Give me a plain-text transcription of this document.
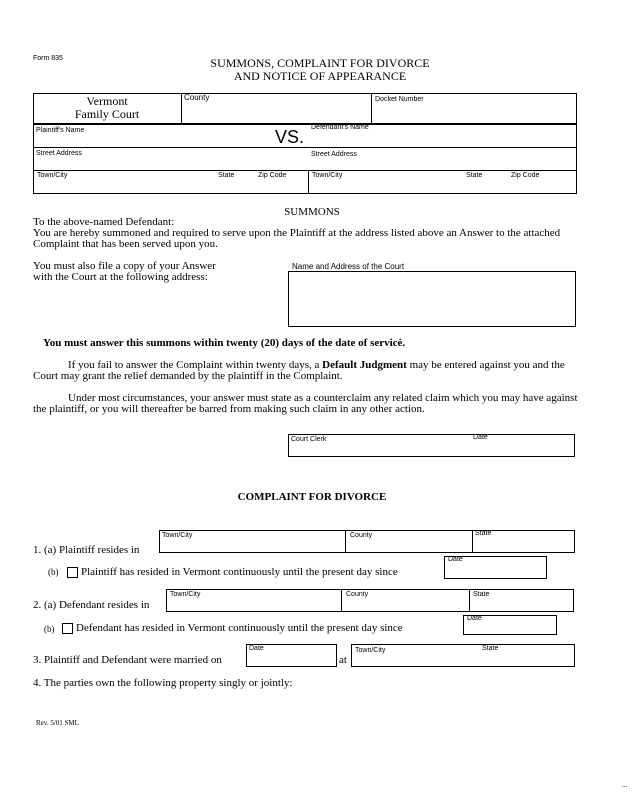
Form 835	SUMMONS, COMPLAINT FOR DIVORCE
AND NOTICE OF APPEARANCE
Vermont
Family Court
County	Docket Number
Plaintiff's Name	VS. Defendant's Name
Street Address	Street Address
Town/City	State	Zip Code	Town/City	State	Zip Code
SUMMONS

To the above-named Defendant:

You are hereby summoned and required to serve upon the Plaintiff at the address listed above an Answer to the attached Complaint that has been served upon you.

You must also file a copy of your Answer

with the Court at the following address:

Name and Address of the Court
You must answer this summons within twenty (20) days of the date of servicė.
If you fail to answer the Complaint within twenty days, a Default Judgment may be entered against you and the Court may grant the relief demanded by the plaintiff in the Complaint.
Under most circumstances, your answer must state as a counterclaim any related claim which you may have against the plaintiff, or you will thereafter be barred from making such claim in any other action.
Court Clerk	Date
COMPLAINT FOR DIVORCE
1. (a) Plaintiff resides in
Town/City	County	State
(b)	Plaintiff has resided in Vermont continuously until the present day since
Date
2. (a) Defendant resides in
Town/City	County	State
(b)	Defendant has resided in Vermont continuously until the present day since
Date
3. Plaintiff and Defendant were married on
Date
at
Town/City	State
4. The parties own the following property singly or jointly:
Rev. 5/01 SML
...
